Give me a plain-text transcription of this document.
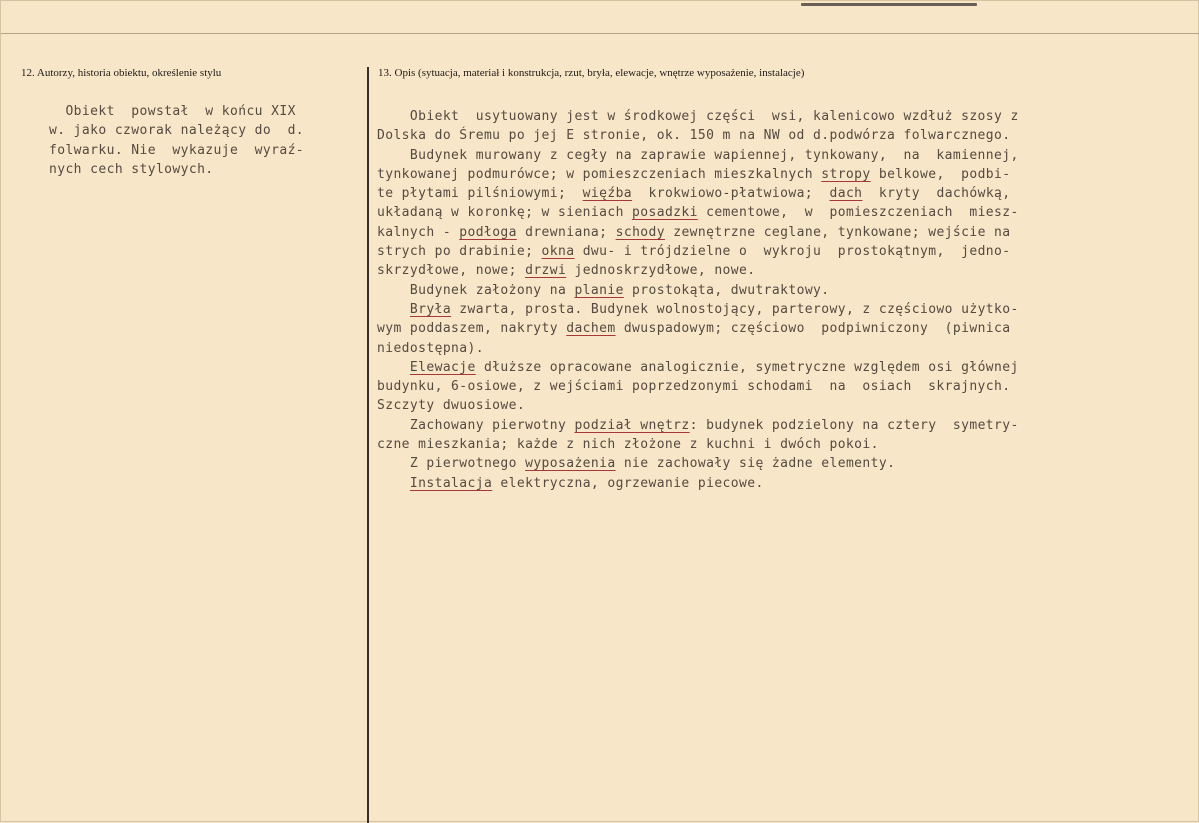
12. Autorzy, historia obiektu, określenie stylu	13. Opis (sytuacja, materiał i konstrukcja, rzut, bryła, elewacje, wnętrze wyposażenie, instalacje)
Obiekt  powstał  w końcu XIX
w. jako czworak należący do  d.
folwarku. Nie  wykazuje  wyraź-
nych cech stylowych.
Obiekt  usytuowany jest w środkowej części  wsi, kalenicowo wzdłuż szosy z
Dolska do Śremu po jej E stronie, ok. 150 m na NW od d.podwórza folwarcznego.
Budynek murowany z cegły na zaprawie wapiennej, tynkowany,  na  kamiennej,
tynkowanej podmurówce; w pomieszczeniach mieszkalnych stropy belkowe,  podbi-
te płytami pilśniowymi;  więźba  krokwiowo-płatwiowa;  dach  kryty  dachówką,
układaną w koronkę; w sieniach posadzki cementowe,  w  pomieszczeniach  miesz-
kalnych - podłoga drewniana; schody zewnętrzne ceglane, tynkowane; wejście na
strych po drabinie; okna dwu- i trójdzielne o  wykroju  prostokątnym,  jedno-
skrzydłowe, nowe; drzwi jednoskrzydłowe, nowe.
Budynek założony na planie prostokąta, dwutraktowy.
Bryła zwarta, prosta. Budynek wolnostojący, parterowy, z częściowo użytko-
wym poddaszem, nakryty dachem dwuspadowym; częściowo  podpiwniczony  (piwnica
niedostępna).
Elewacje dłuższe opracowane analogicznie, symetryczne względem osi głównej
budynku, 6-osiowe, z wejściami poprzedzonymi schodami  na  osiach  skrajnych.
Szczyty dwuosiowe.
Zachowany pierwotny podział wnętrz: budynek podzielony na cztery  symetry-
czne mieszkania; każde z nich złożone z kuchni i dwóch pokoi.
Z pierwotnego wyposażenia nie zachowały się żadne elementy.
Instalacja elektryczna, ogrzewanie piecowe.
